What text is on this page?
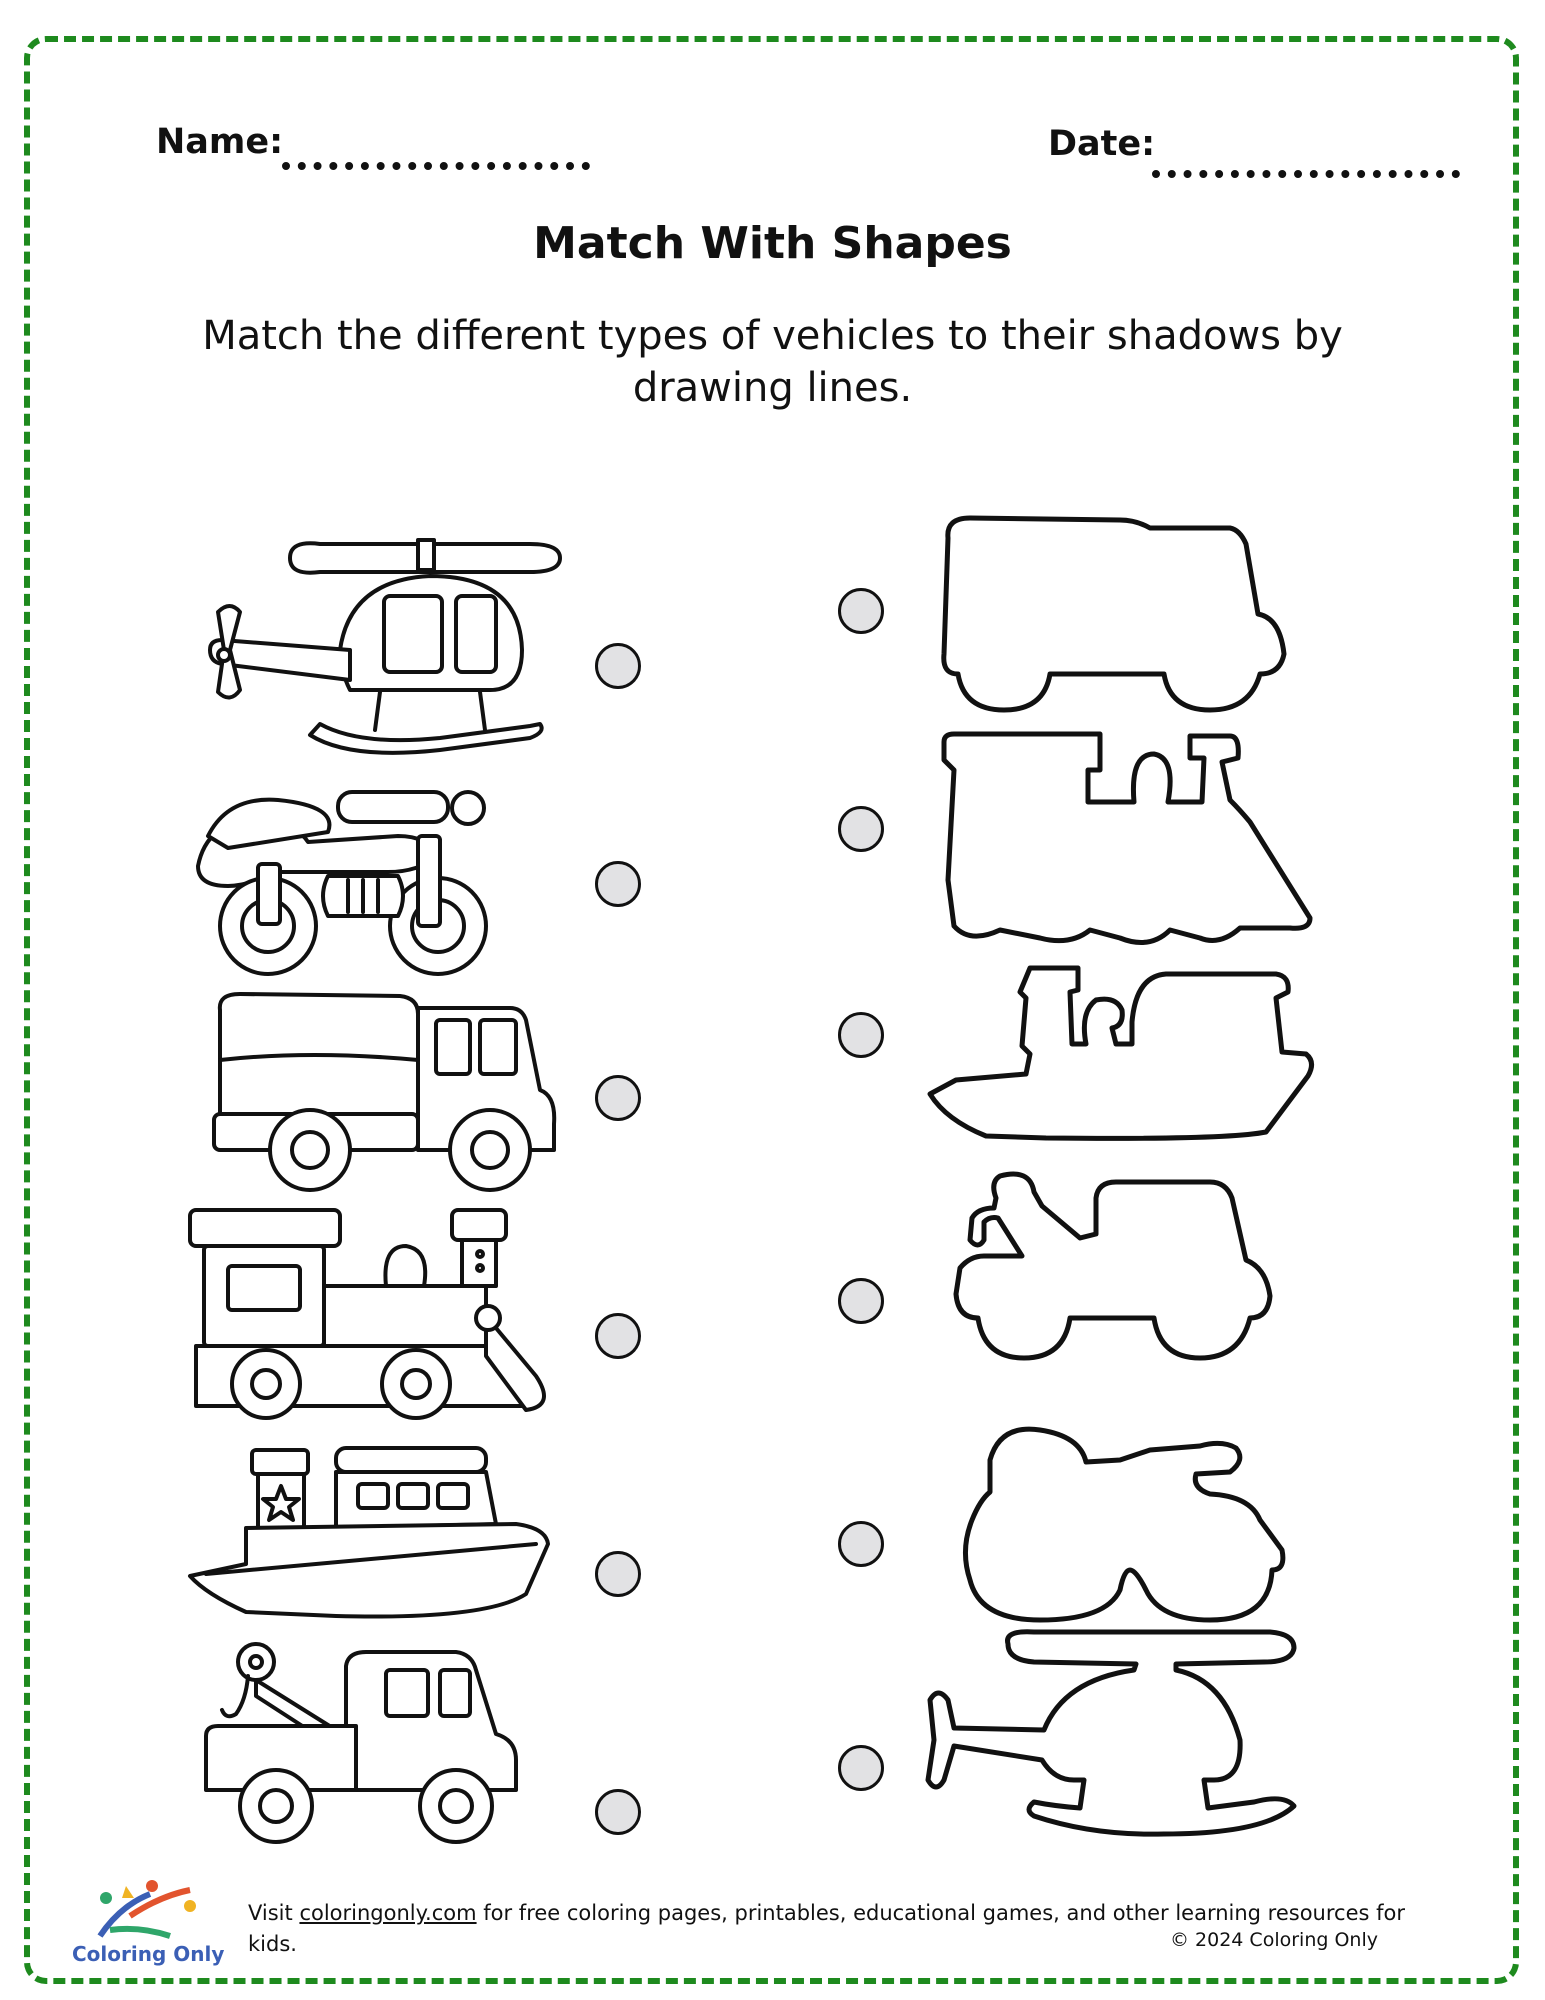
Name:	Date:
Match With Shapes
Match the different types of vehicles to their shadows by drawing lines.
Coloring Only
Visit coloringonly.com for free coloring pages, printables, educational games, and other learning resources for kids.	© 2024 Coloring Only
